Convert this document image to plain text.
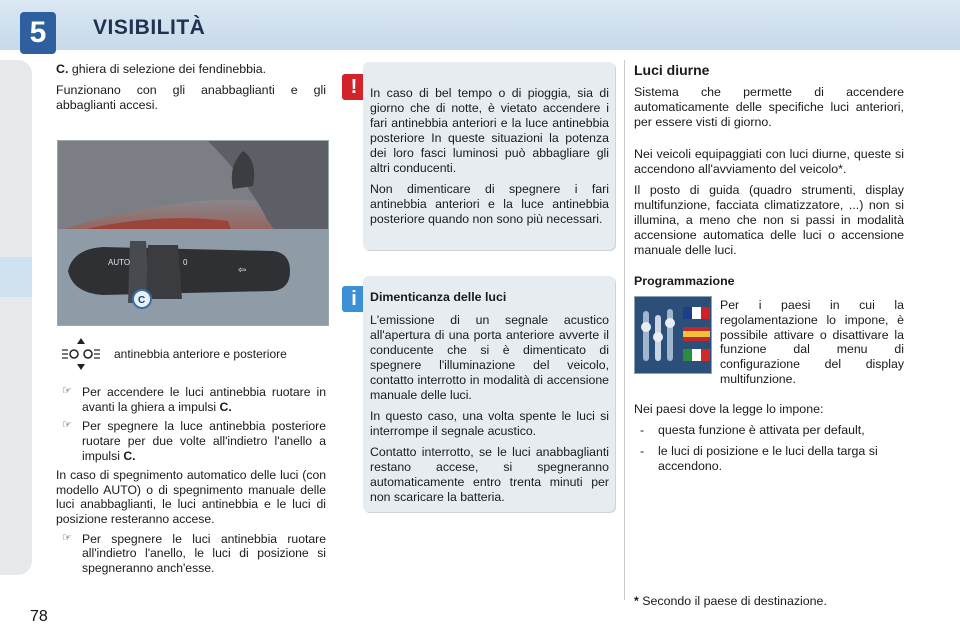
5	VISIBILITÀ

C. ghiera di selezione dei fendinebbia.

Funzionano con gli anabbaglianti e gli abbaglianti accesi.

AUTO	0
⇦
C
antinebbia anteriore e posteriore
☞ Per accendere le luci antinebbia ruotare in avanti la ghiera a impulsi C.
☞ Per spegnere la luce antinebbia posteriore ruotare per due volte all'indietro l'anello a impulsi C.

In caso di spegnimento automatico delle luci (con modello AUTO) o di spegnimento manuale delle luci anabbaglianti, le luci antinebbia e le luci di posizione resteranno accese.

☞ Per spegnere le luci antinebbia ruotare all'indietro l'anello, le luci di posizione si spegneranno anch'esse.
!	In caso di bel tempo o di pioggia, sia di giorno che di notte, è vietato accendere i fari antinebbia anteriori e la luce antinebbia posteriore In queste situazioni la potenza dei loro fasci luminosi può abbagliare gli altri conducenti.

Non dimenticare di spegnere i fari antinebbia anteriori e la luce antinebbia posteriore quando non sono più necessari.

i	Dimenticanza delle luci

L'emissione di un segnale acustico all'apertura di una porta anteriore avverte il conducente che si è dimenticato di spegnere l'illuminazione del veicolo, contatto interrotto in modalità di accensione manuale delle luci.

In questo caso, una volta spente le luci si interrompe il segnale acustico.

Contatto interrotto, se le luci anabbaglianti restano accese, si spegneranno automaticamente entro trenta minuti per non scaricare la batteria.

Luci diurne

Sistema che permette di accendere automaticamente delle specifiche luci anteriori, per essere visti di giorno.

Nei veicoli equipaggiati con luci diurne, queste si accendono all'avviamento del veicolo*.

Il posto di guida (quadro strumenti, display multifunzione, facciata climatizzatore, ...) non si illumina, a meno che non si passi in modalità accensione automatica delle luci o accensione manuale delle luci.

Programmazione
Per i paesi in cui la regolamentazione lo impone, è possibile attivare o disattivare la funzione dal menu di configurazione del display multifunzione.

Nei paesi dove la legge lo impone:

- questa funzione è attivata per default,
- le luci di posizione e le luci della targa si accendono.
* Secondo il paese di destinazione.
78
